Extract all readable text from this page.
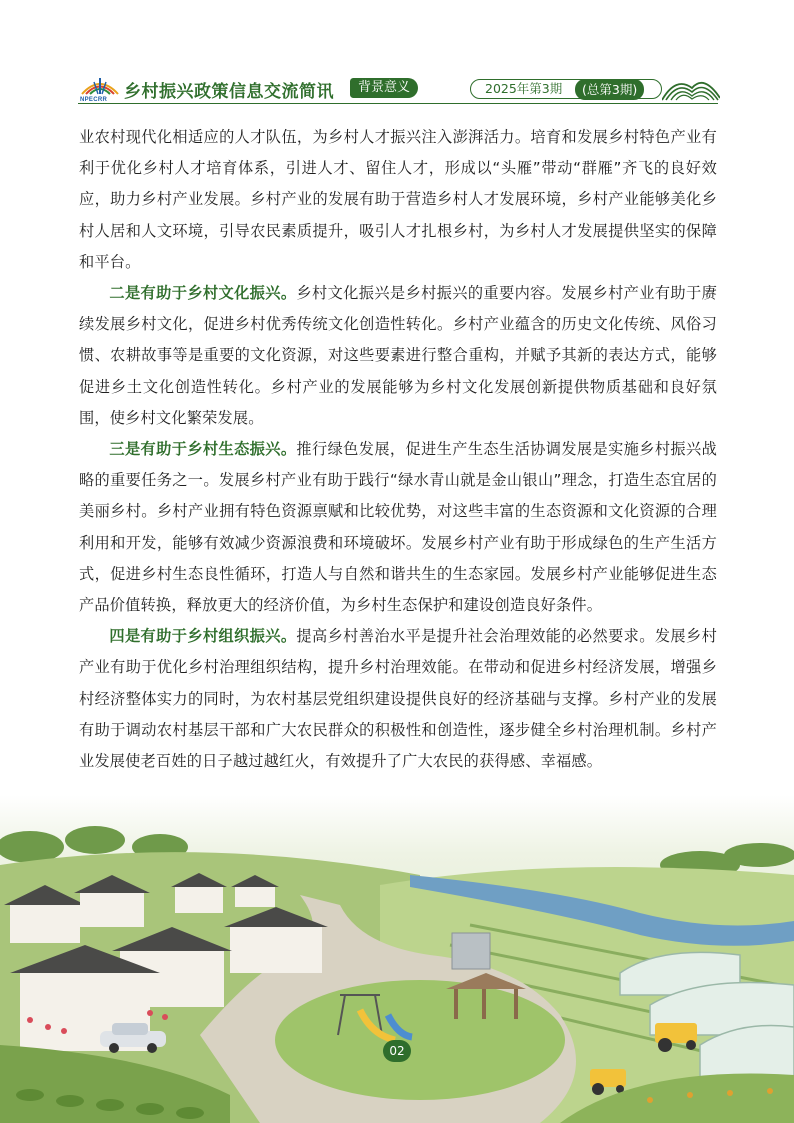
NPECRR 乡村振兴政策信息交流简讯	背景意义	2025年第3期	(总第3期)

业农村现代化相适应的人才队伍，为乡村人才振兴注入澎湃活力。培育和发展乡村特色产业有利于优化乡村人才培育体系，引进人才、留住人才，形成以“头雁”带动“群雁”齐飞的良好效应，助力乡村产业发展。乡村产业的发展有助于营造乡村人才发展环境，乡村产业能够美化乡村人居和人文环境，引导农民素质提升，吸引人才扎根乡村，为乡村人才发展提供坚实的保障和平台。

二是有助于乡村文化振兴。乡村文化振兴是乡村振兴的重要内容。发展乡村产业有助于赓续发展乡村文化，促进乡村优秀传统文化创造性转化。乡村产业蕴含的历史文化传统、风俗习惯、农耕故事等是重要的文化资源，对这些要素进行整合重构，并赋予其新的表达方式，能够促进乡土文化创造性转化。乡村产业的发展能够为乡村文化发展创新提供物质基础和良好氛围，使乡村文化繁荣发展。

三是有助于乡村生态振兴。推行绿色发展，促进生产生态生活协调发展是实施乡村振兴战略的重要任务之一。发展乡村产业有助于践行“绿水青山就是金山银山”理念，打造生态宜居的美丽乡村。乡村产业拥有特色资源禀赋和比较优势，对这些丰富的生态资源和文化资源的合理利用和开发，能够有效减少资源浪费和环境破坏。发展乡村产业有助于形成绿色的生产生活方式，促进乡村生态良性循环，打造人与自然和谐共生的生态家园。发展乡村产业能够促进生态产品价值转换，释放更大的经济价值，为乡村生态保护和建设创造良好条件。

四是有助于乡村组织振兴。提高乡村善治水平是提升社会治理效能的必然要求。发展乡村产业有助于优化乡村治理组织结构，提升乡村治理效能。在带动和促进乡村经济发展，增强乡村经济整体实力的同时，为农村基层党组织建设提供良好的经济基础与支撑。乡村产业的发展有助于调动农村基层干部和广大农民群众的积极性和创造性，逐步健全乡村治理机制。乡村产业发展使老百姓的日子越过越红火，有效提升了广大农民的获得感、幸福感。

02
